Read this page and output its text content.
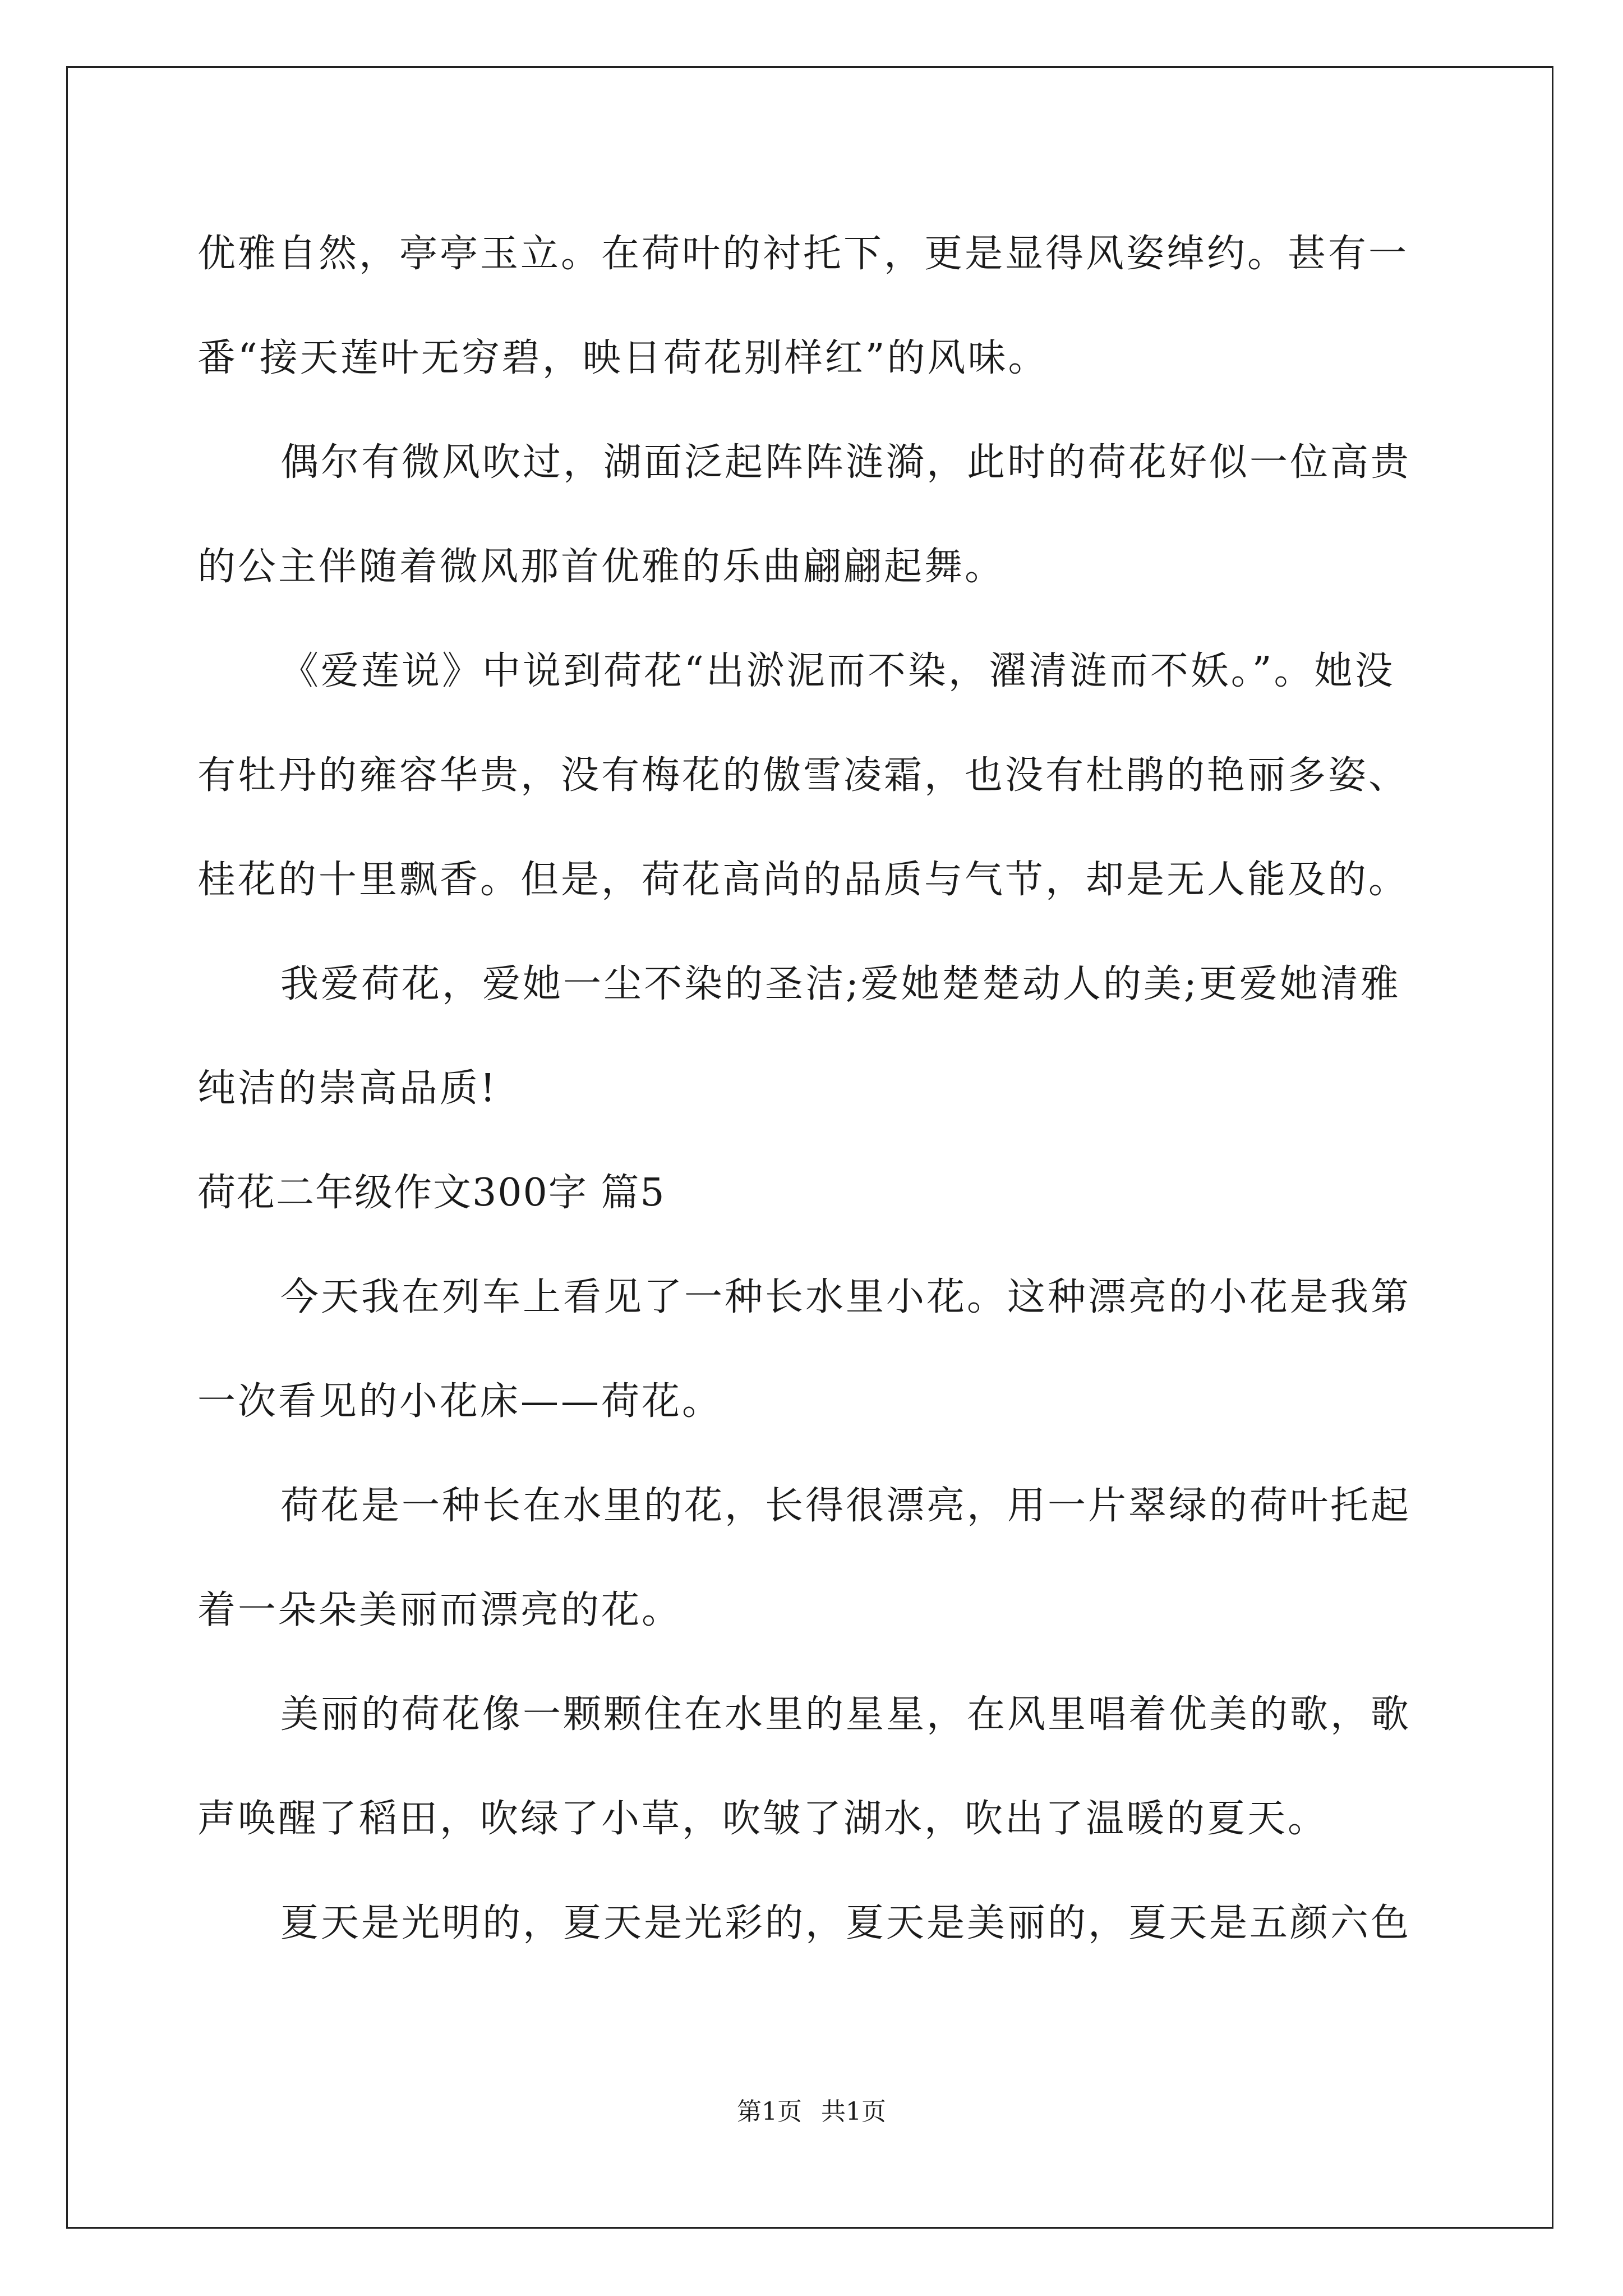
优雅自然，亭亭玉立。在荷叶的衬托下，更是显得风姿绰约。甚有一
番“接天莲叶无穷碧，映日荷花别样红”的风味。
偶尔有微风吹过，湖面泛起阵阵涟漪，此时的荷花好似一位高贵
的公主伴随着微风那首优雅的乐曲翩翩起舞。
《爱莲说》中说到荷花“出淤泥而不染，濯清涟而不妖。”。她没
有牡丹的雍容华贵，没有梅花的傲雪凌霜，也没有杜鹃的艳丽多姿、
桂花的十里飘香。但是，荷花高尚的品质与气节，却是无人能及的。
我爱荷花，爱她一尘不染的圣洁;爱她楚楚动人的美;更爱她清雅
纯洁的崇高品质!
荷花二年级作文300字 篇5
今天我在列车上看见了一种长水里小花。这种漂亮的小花是我第
一次看见的小花床——荷花。
荷花是一种长在水里的花，长得很漂亮，用一片翠绿的荷叶托起
着一朵朵美丽而漂亮的花。
美丽的荷花像一颗颗住在水里的星星，在风里唱着优美的歌，歌
声唤醒了稻田，吹绿了小草，吹皱了湖水，吹出了温暖的夏天。
夏天是光明的，夏天是光彩的，夏天是美丽的，夏天是五颜六色
第1页 共1页
